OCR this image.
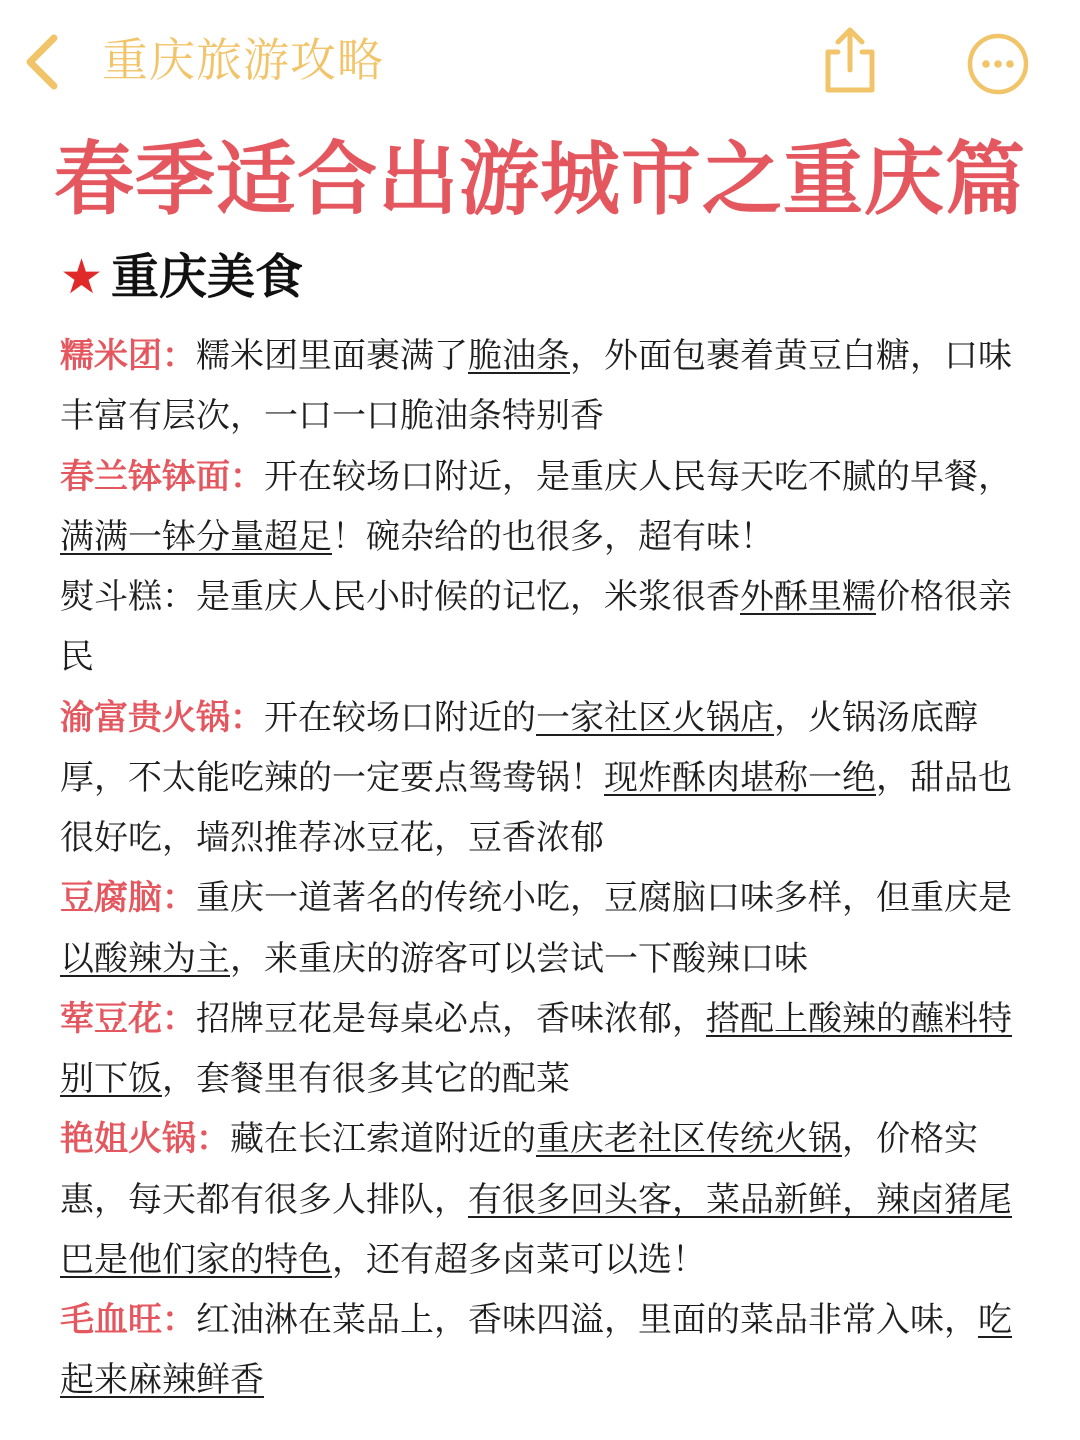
重庆旅游攻略
春季适合出游城市之重庆篇
★ 重庆美食

糯米团：糯米团里面裹满了脆油条，外面包裹着黄豆白糖，口味丰富有层次，一口一口脆油条特别香

春兰钵钵面：开在较场口附近，是重庆人民每天吃不腻的早餐，满满一钵分量超足！碗杂给的也很多，超有味！

熨斗糕：是重庆人民小时候的记忆，米浆很香外酥里糯价格很亲民

渝富贵火锅：开在较场口附近的一家社区火锅店，火锅汤底醇厚，不太能吃辣的一定要点鸳鸯锅！现炸酥肉堪称一绝，甜品也很好吃，墙烈推荐冰豆花，豆香浓郁

豆腐脑：重庆一道著名的传统小吃，豆腐脑口味多样，但重庆是以酸辣为主，来重庆的游客可以尝试一下酸辣口味

荤豆花：招牌豆花是每桌必点，香味浓郁，搭配上酸辣的蘸料特别下饭，套餐里有很多其它的配菜

艳姐火锅：藏在长江索道附近的重庆老社区传统火锅，价格实惠，每天都有很多人排队，有很多回头客，菜品新鲜，辣卤猪尾巴是他们家的特色，还有超多卤菜可以选！

毛血旺：红油淋在菜品上，香味四溢，里面的菜品非常入味，吃起来麻辣鲜香
